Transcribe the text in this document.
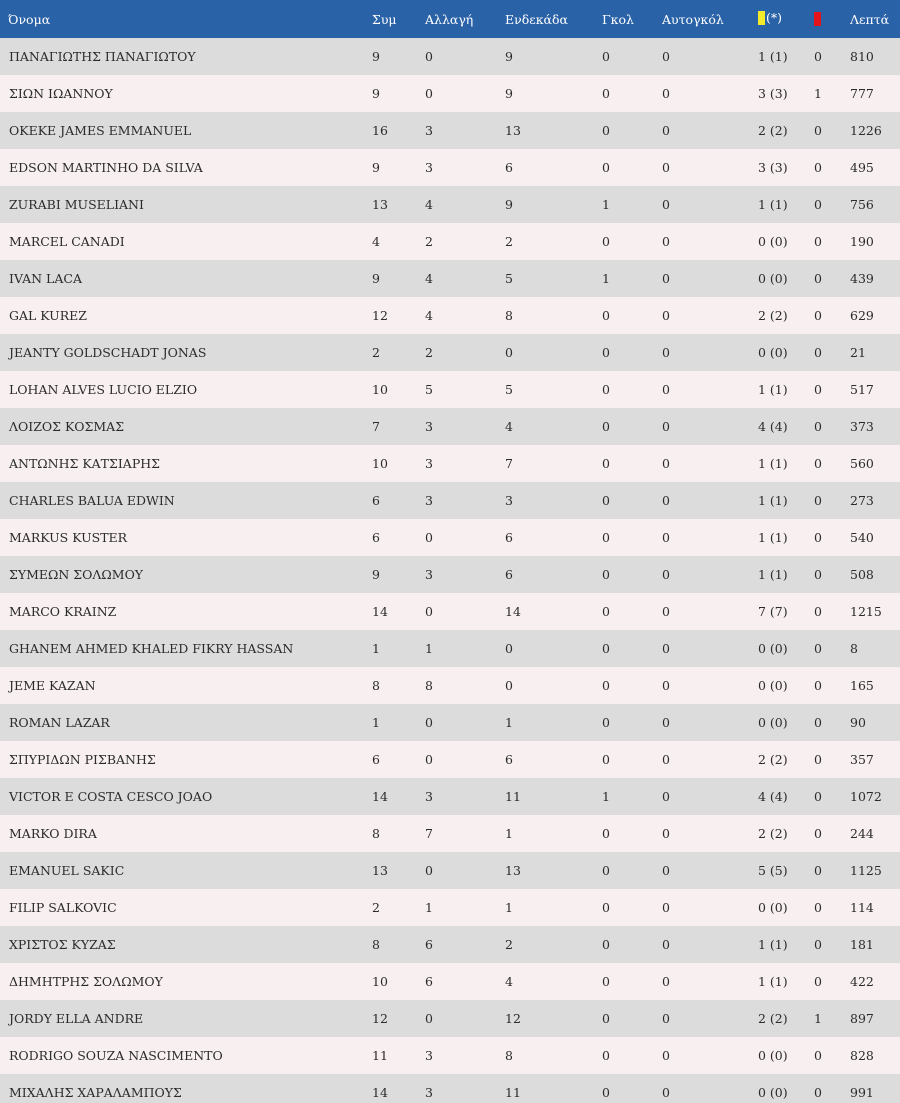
Όνομα	Συμ	Αλλαγή	Ενδεκάδα	Γκολ	Αυτογκόλ	(*)		Λεπτά
ΠΑΝΑΓΙΩΤΗΣ ΠΑΝΑΓΙΩΤΟΥ	9	0	9	0	0	1 (1)	0	810
ΣΙΩΝ ΙΩΑΝΝΟΥ	9	0	9	0	0	3 (3)	1	777
OKEKE JAMES EMMANUEL	16	3	13	0	0	2 (2)	0	1226
EDSON MARTINHO DA SILVA	9	3	6	0	0	3 (3)	0	495
ZURABI MUSELIANI	13	4	9	1	0	1 (1)	0	756
MARCEL CANADI	4	2	2	0	0	0 (0)	0	190
IVAN LACA	9	4	5	1	0	0 (0)	0	439
GAL KUREZ	12	4	8	0	0	2 (2)	0	629
JEANTY GOLDSCHADT JONAS	2	2	0	0	0	0 (0)	0	21
LOHAN ALVES LUCIO ELZIO	10	5	5	0	0	1 (1)	0	517
ΛΟΙΖΟΣ ΚΟΣΜΑΣ	7	3	4	0	0	4 (4)	0	373
ΑΝΤΩΝΗΣ ΚΑΤΣΙΑΡΗΣ	10	3	7	0	0	1 (1)	0	560
CHARLES BALUA EDWIN	6	3	3	0	0	1 (1)	0	273
MARKUS KUSTER	6	0	6	0	0	1 (1)	0	540
ΣΥΜΕΩΝ ΣΟΛΩΜΟΥ	9	3	6	0	0	1 (1)	0	508
MARCO KRAINZ	14	0	14	0	0	7 (7)	0	1215
GHANEM AHMED KHALED FIKRY HASSAN	1	1	0	0	0	0 (0)	0	8
JEME KAZAN	8	8	0	0	0	0 (0)	0	165
ROMAN LAZAR	1	0	1	0	0	0 (0)	0	90
ΣΠΥΡΙΔΩΝ ΡΙΣΒΑΝΗΣ	6	0	6	0	0	2 (2)	0	357
VICTOR E COSTA CESCO JOAO	14	3	11	1	0	4 (4)	0	1072
MARKO DIRA	8	7	1	0	0	2 (2)	0	244
EMANUEL SAKIC	13	0	13	0	0	5 (5)	0	1125
FILIP SALKOVIC	2	1	1	0	0	0 (0)	0	114
ΧΡΙΣΤΟΣ ΚΥΖΑΣ	8	6	2	0	0	1 (1)	0	181
ΔΗΜΗΤΡΗΣ ΣΟΛΩΜΟΥ	10	6	4	0	0	1 (1)	0	422
JORDY ELLA ANDRE	12	0	12	0	0	2 (2)	1	897
RODRIGO SOUZA NASCIMENTO	11	3	8	0	0	0 (0)	0	828
ΜΙΧΑΛΗΣ ΧΑΡΑΛΑΜΠΟΥΣ	14	3	11	0	0	0 (0)	0	991
